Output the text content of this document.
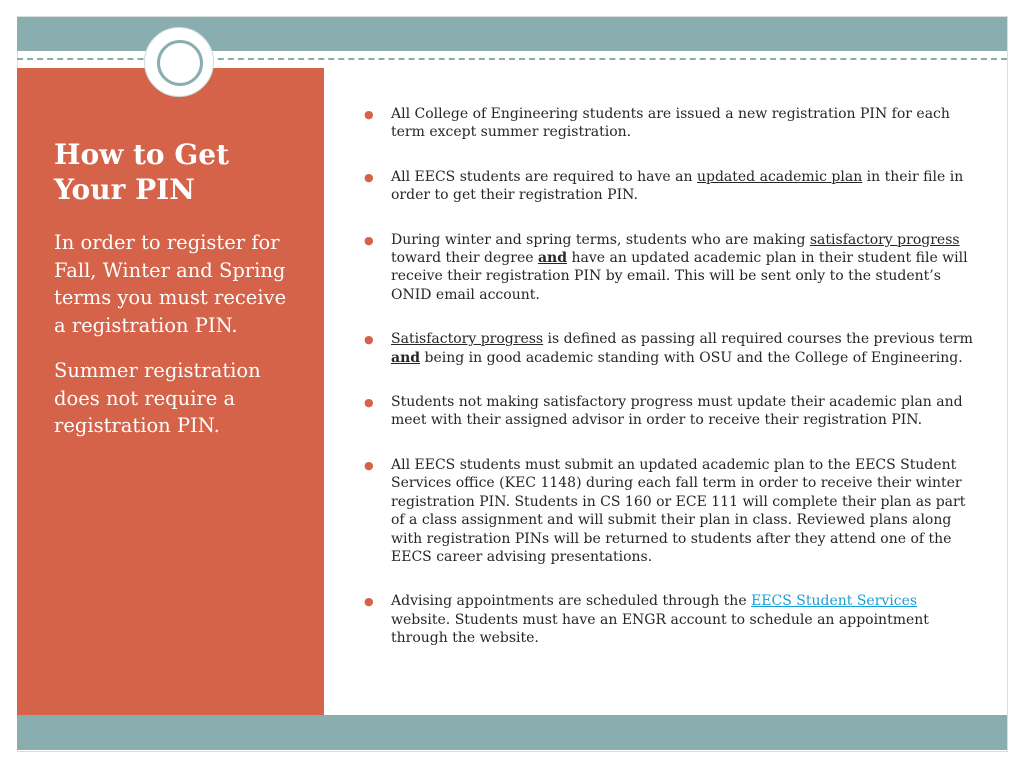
How to Get Your PIN

In order to register for Fall, Winter and Spring terms you must receive a registration PIN.

Summer registration does not require a registration PIN.

● All College of Engineering students are issued a new registration PIN for each term except summer registration.
● All EECS students are required to have an updated academic plan in their file in order to get their registration PIN.
● During winter and spring terms, students who are making satisfactory progress toward their degree and have an updated academic plan in their student file will receive their registration PIN by email. This will be sent only to the student’s ONID email account.
● Satisfactory progress is defined as passing all required courses the previous term and being in good academic standing with OSU and the College of Engineering.
● Students not making satisfactory progress must update their academic plan and meet with their assigned advisor in order to receive their registration PIN.
● All EECS students must submit an updated academic plan to the EECS Student Services office (KEC 1148) during each fall term in order to receive their winter registration PIN. Students in CS 160 or ECE 111 will complete their plan as part of a class assignment and will submit their plan in class. Reviewed plans along with registration PINs will be returned to students after they attend one of the EECS career advising presentations.
● Advising appointments are scheduled through the EECS Student Services website. Students must have an ENGR account to schedule an appointment through the website.
